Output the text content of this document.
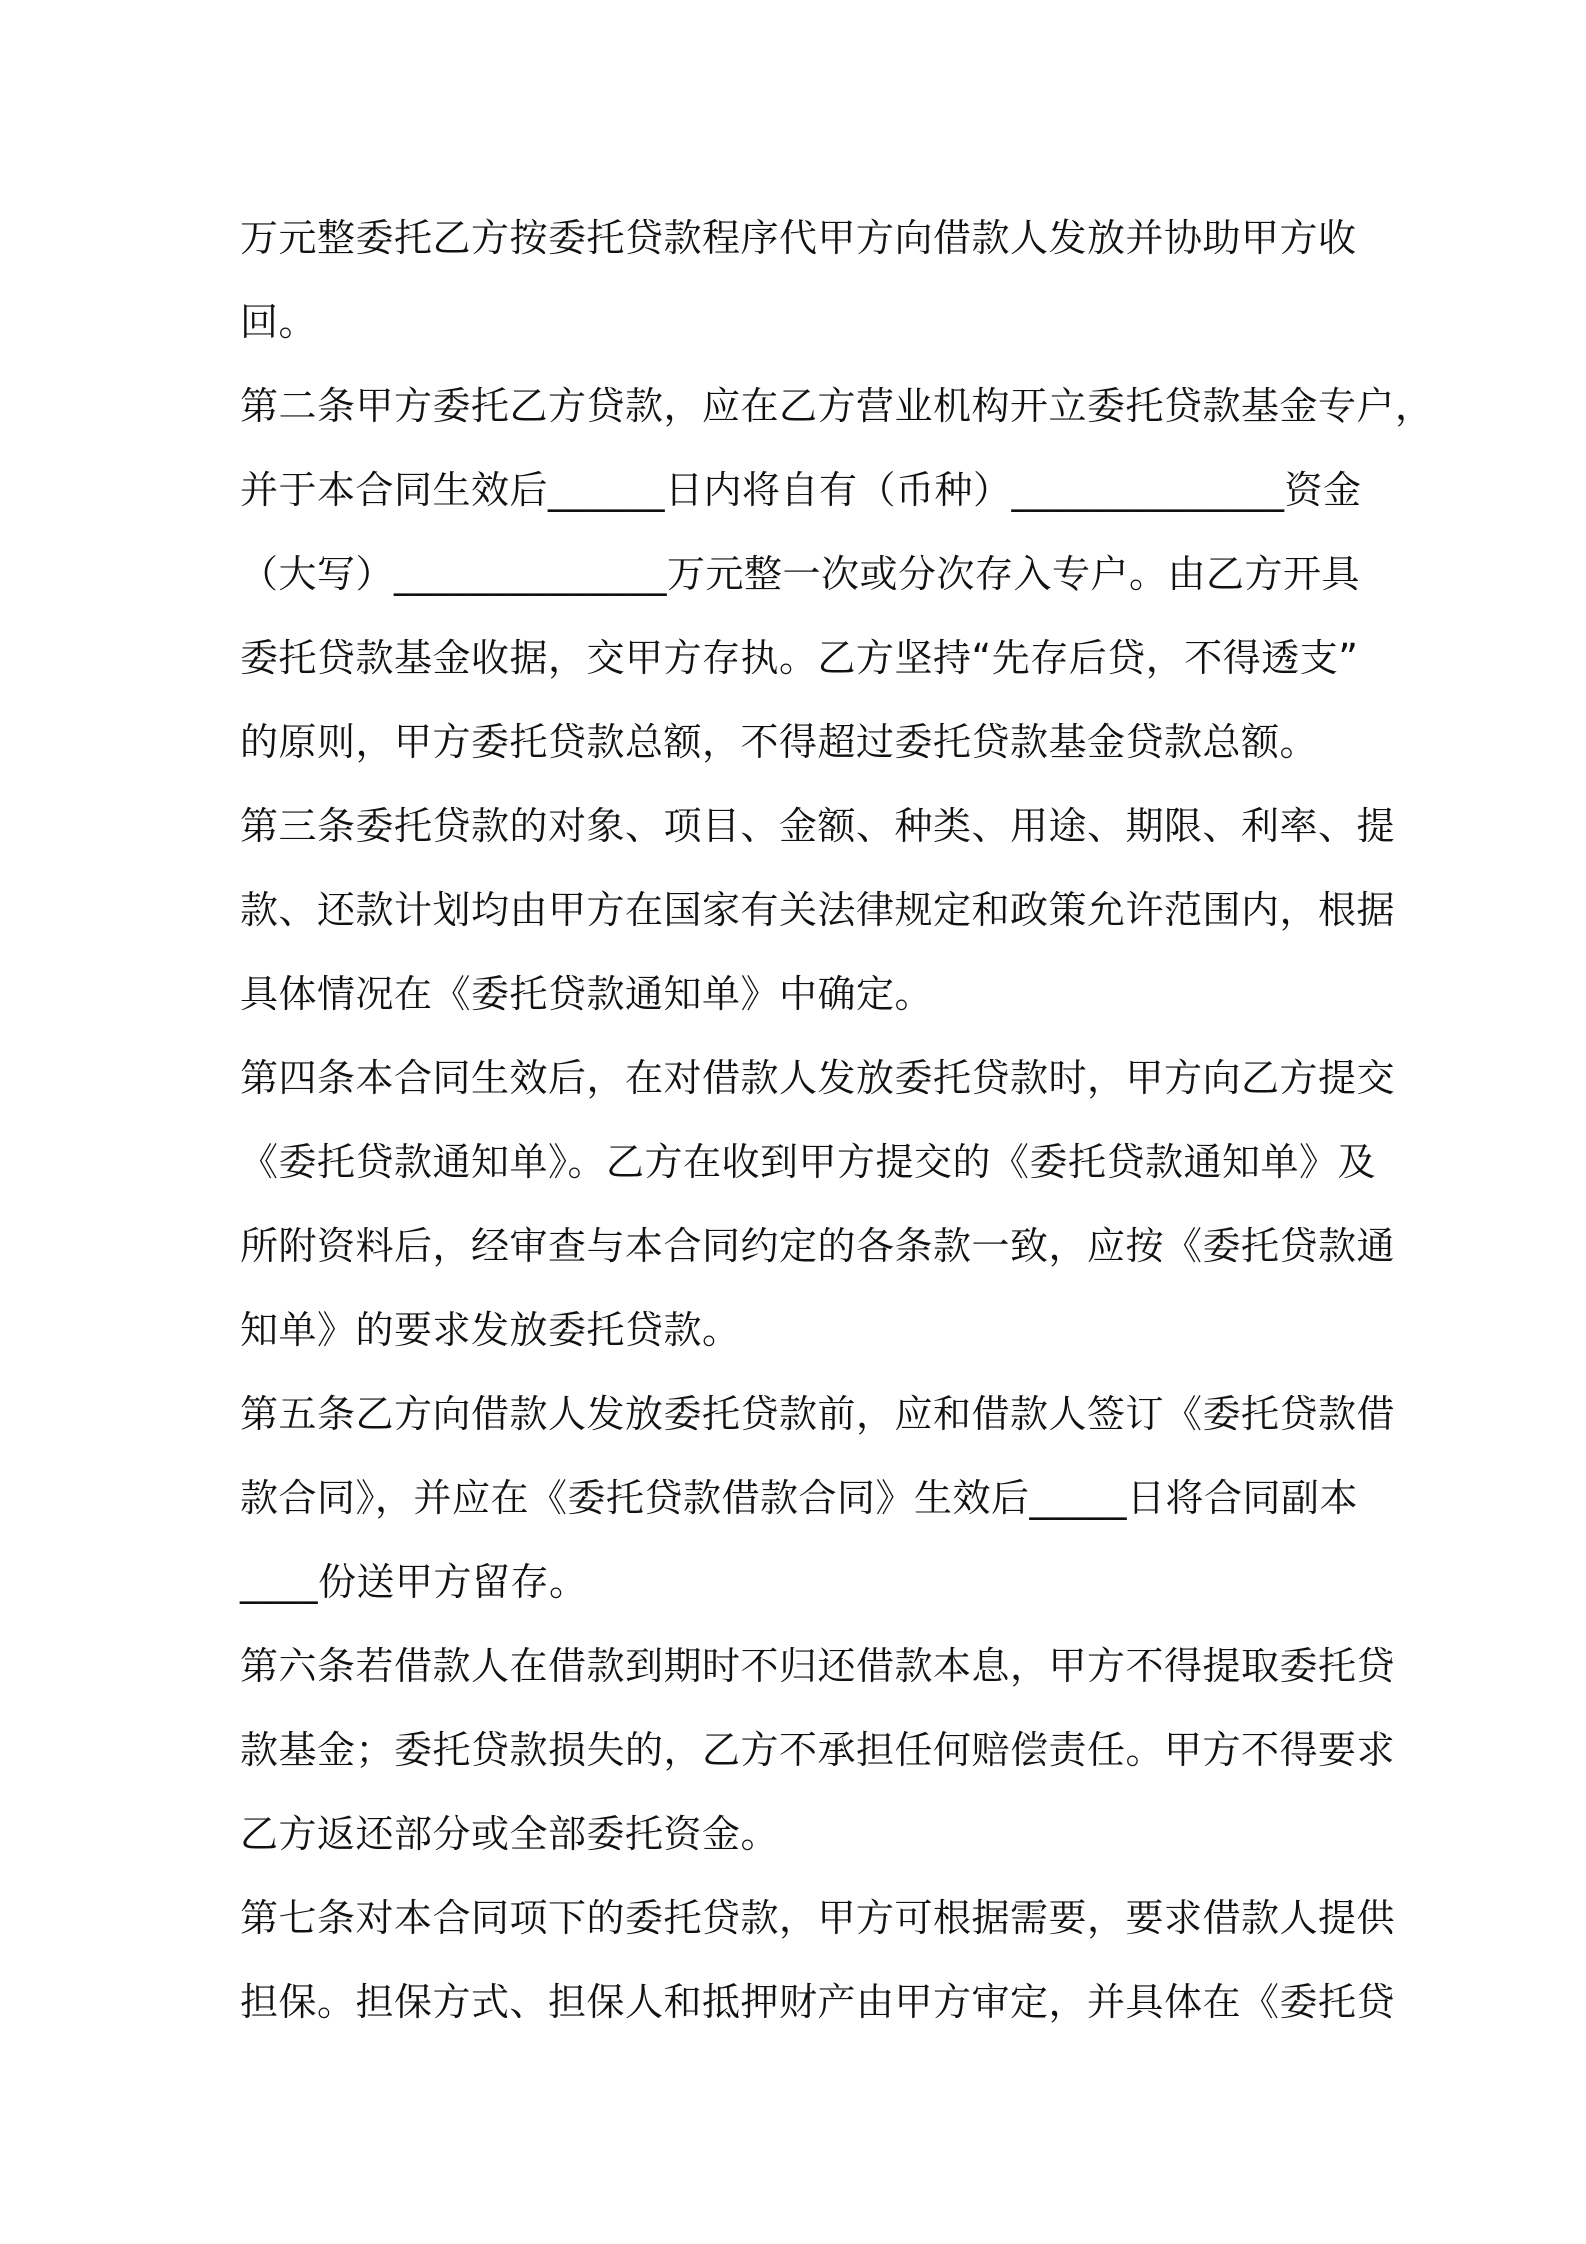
万元整委托乙方按委托贷款程序代甲方向借款人发放并协助甲方收
回。
第二条甲方委托乙方贷款，应在乙方营业机构开立委托贷款基金专户，
并于本合同生效后______日内将自有（币种）______________资金
（大写）______________万元整一次或分次存入专户。由乙方开具
委托贷款基金收据，交甲方存执。乙方坚持“先存后贷，不得透支”
的原则，甲方委托贷款总额，不得超过委托贷款基金贷款总额。
第三条委托贷款的对象、项目、金额、种类、用途、期限、利率、提
款、还款计划均由甲方在国家有关法律规定和政策允许范围内，根据
具体情况在《委托贷款通知单》中确定。
第四条本合同生效后，在对借款人发放委托贷款时，甲方向乙方提交
《委托贷款通知单》。乙方在收到甲方提交的《委托贷款通知单》及
所附资料后，经审查与本合同约定的各条款一致，应按《委托贷款通
知单》的要求发放委托贷款。
第五条乙方向借款人发放委托贷款前，应和借款人签订《委托贷款借
款合同》，并应在《委托贷款借款合同》生效后_____日将合同副本
____份送甲方留存。
第六条若借款人在借款到期时不归还借款本息，甲方不得提取委托贷
款基金；委托贷款损失的，乙方不承担任何赔偿责任。甲方不得要求
乙方返还部分或全部委托资金。
第七条对本合同项下的委托贷款，甲方可根据需要，要求借款人提供
担保。担保方式、担保人和抵押财产由甲方审定，并具体在《委托贷
